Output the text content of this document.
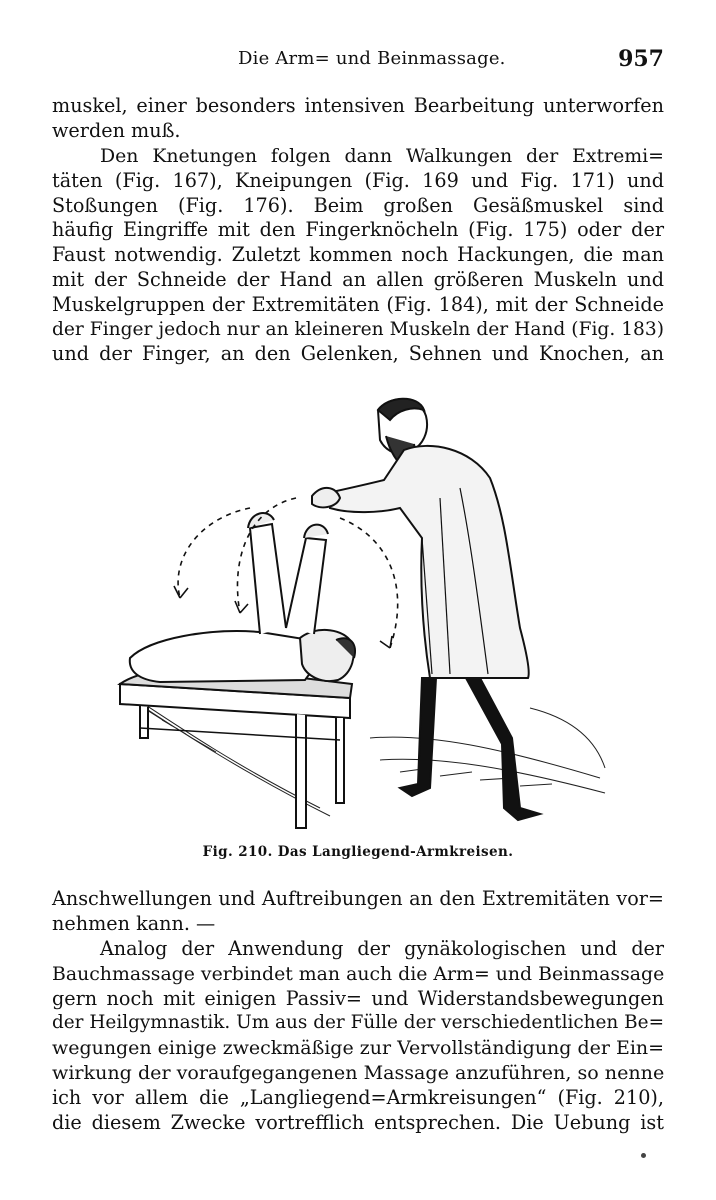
Die Arm= und Beinmassage.	957
muskel, einer besonders intensiven Bearbeitung unterworfen
werden muß.
Den Knetungen folgen dann Walkungen der Extremi=
täten (Fig. 167), Kneipungen (Fig. 169 und Fig. 171) und
Stoßungen (Fig. 176). Beim großen Gesäßmuskel sind
häufig Eingriffe mit den Fingerknöcheln (Fig. 175) oder der
Faust notwendig. Zuletzt kommen noch Hackungen, die man
mit der Schneide der Hand an allen größeren Muskeln und
Muskelgruppen der Extremitäten (Fig. 184), mit der Schneide
der Finger jedoch nur an kleineren Muskeln der Hand (Fig. 183)
und der Finger, an den Gelenken, Sehnen und Knochen, an
Fig. 210. Das Langliegend-Armkreisen.
Anschwellungen und Auftreibungen an den Extremitäten vor=
nehmen kann. —
Analog der Anwendung der gynäkologischen und der
Bauchmassage verbindet man auch die Arm= und Beinmassage
gern noch mit einigen Passiv= und Widerstandsbewegungen
der Heilgymnastik. Um aus der Fülle der verschiedentlichen Be=
wegungen einige zweckmäßige zur Vervollständigung der Ein=
wirkung der voraufgegangenen Massage anzuführen, so nenne
ich vor allem die „Langliegend=Armkreisungen“ (Fig. 210),
die diesem Zwecke vortrefflich entsprechen. Die Uebung ist
